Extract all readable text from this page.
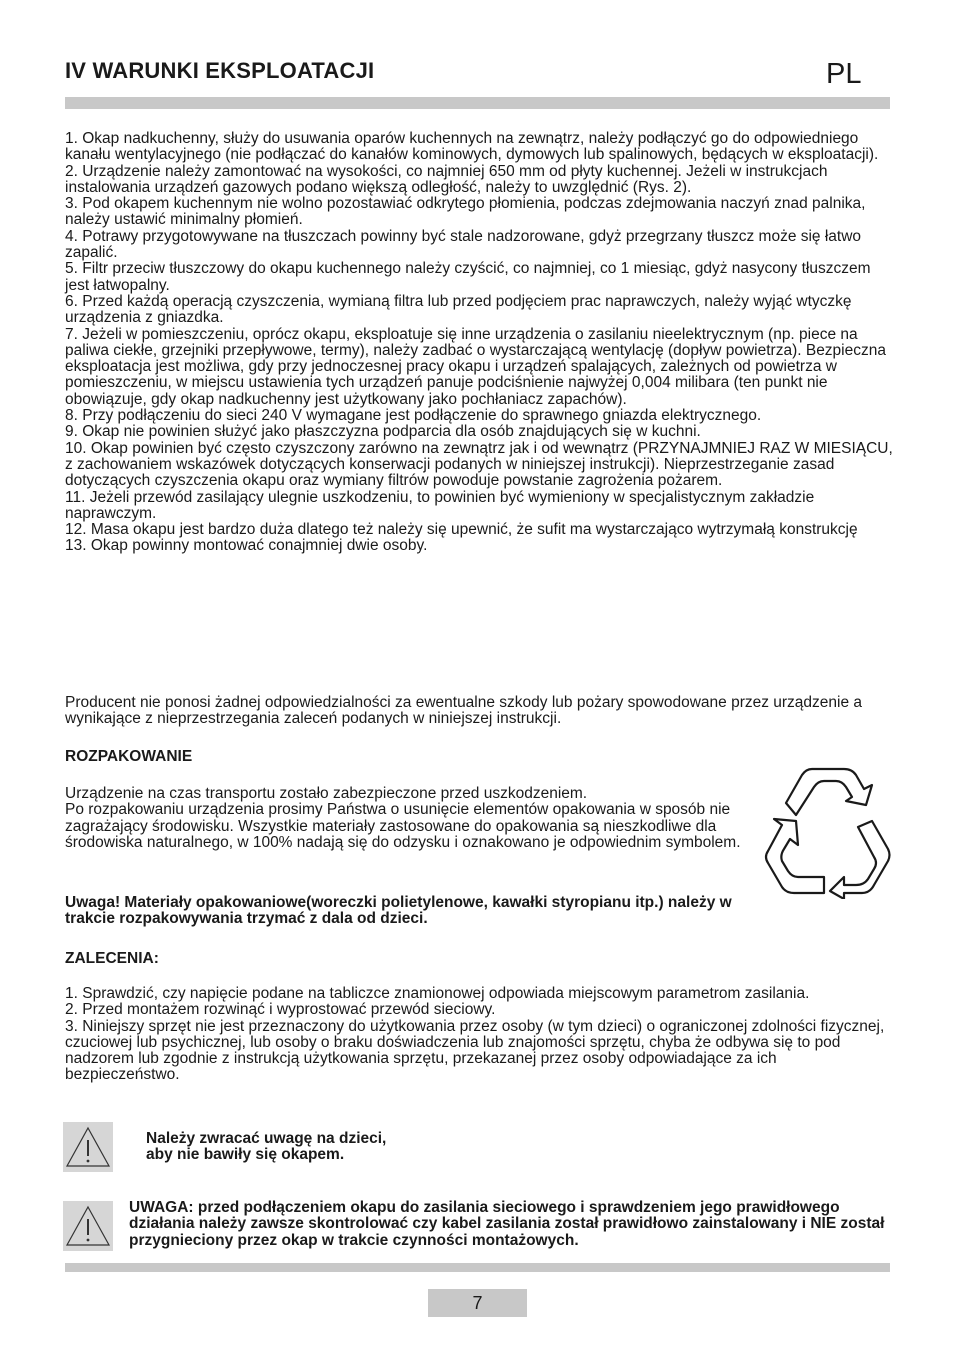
IV WARUNKI EKSPLOATACJI	PL

1. Okap nadkuchenny, służy do usuwania oparów kuchennych na zewnątrz, należy podłączyć go do odpowiedniego kanału wentylacyjnego (nie podłączać do kanałów kominowych, dymowych lub spalinowych, będących w eksploatacji).

2. Urządzenie należy zamontować na wysokości, co najmniej 650 mm od płyty kuchennej. Jeżeli w instrukcjach instalowania urządzeń gazowych podano większą odległość, należy to uwzględnić (Rys. 2).

3. Pod okapem kuchennym nie wolno pozostawiać odkrytego płomienia, podczas zdejmowania naczyń znad palnika, należy ustawić minimalny płomień.

4. Potrawy przygotowywane na tłuszczach powinny być stale nadzorowane, gdyż przegrzany tłuszcz może się łatwo zapalić.

5. Filtr przeciw tłuszczowy do okapu kuchennego należy czyścić, co najmniej, co 1 miesiąc, gdyż nasycony tłuszczem jest łatwopalny.

6. Przed każdą operacją czyszczenia, wymianą filtra lub przed podjęciem prac naprawczych, należy wyjąć wtyczkę urządzenia z gniazdka.

7. Jeżeli w pomieszczeniu, oprócz okapu, eksploatuje się inne urządzenia o zasilaniu nieelektrycznym (np. piece na paliwa ciekłe, grzejniki przepływowe, termy), należy zadbać o wystarczającą wentylację (dopływ powietrza). Bezpieczna eksploatacja jest możliwa, gdy przy jednoczesnej pracy okapu i urządzeń spalających, zależnych od powietrza w pomieszczeniu, w miejscu ustawienia tych urządzeń panuje podciśnienie najwyżej 0,004 milibara (ten punkt nie obowiązuje, gdy okap nadkuchenny jest użytkowany jako pochłaniacz zapachów).

8. Przy podłączeniu do sieci 240 V wymagane jest podłączenie do sprawnego gniazda elektrycznego.

9. Okap nie powinien służyć jako płaszczyzna podparcia dla osób znajdujących się w kuchni.

10. Okap powinien być często czyszczony zarówno na zewnątrz jak i od wewnątrz (PRZYNAJMNIEJ RAZ W MIESIĄCU, z zachowaniem wskazówek dotyczących konserwacji podanych w niniejszej instrukcji). Nieprzestrzeganie zasad dotyczących czyszczenia okapu oraz wymiany filtrów powoduje powstanie zagrożenia pożarem.

11. Jeżeli przewód zasilający ulegnie uszkodzeniu, to powinien być wymieniony w specjalistycznym zakładzie naprawczym.

12. Masa okapu jest bardzo duża dlatego też należy się upewnić, że sufit ma wystarczająco wytrzymałą konstrukcję

13. Okap powinny montować conajmniej dwie osoby.

Producent nie ponosi żadnej odpowiedzialności za ewentualne szkody lub pożary spowodowane przez urządzenie a wynikające z nieprzestrzegania zaleceń podanych w niniejszej instrukcji.

ROZPAKOWANIE

Urządzenie na czas transportu zostało zabezpieczone przed uszkodzeniem.

Po rozpakowaniu urządzenia prosimy Państwa o usunięcie elementów opakowania w sposób nie zagrażający środowisku. Wszystkie materiały zastosowane do opakowania są nieszkodliwe dla środowiska naturalnego, w 100% nadają się do odzysku i oznakowano je odpowiednim symbolem.

Uwaga! Materiały opakowaniowe(woreczki polietylenowe, kawałki styropianu itp.) należy w trakcie rozpakowywania trzymać z dala od dzieci.

ZALECENIA:

1. Sprawdzić, czy napięcie podane na tabliczce znamionowej odpowiada miejscowym parametrom zasilania.

2. Przed montażem rozwinąć i wyprostować przewód sieciowy.

3. Niniejszy sprzęt nie jest przeznaczony do użytkowania przez osoby (w tym dzieci) o ograniczonej zdolności fizycznej, czuciowej lub psychicznej, lub osoby o braku doświadczenia lub znajomości sprzętu, chyba że odbywa się to pod nadzorem lub zgodnie z instrukcją użytkowania sprzętu, przekazanej przez osoby odpowiadające za ich bezpieczeństwo.

Należy zwracać uwagę na dzieci,
aby nie bawiły się okapem.

UWAGA: przed podłączeniem okapu do zasilania sieciowego i sprawdzeniem jego prawidłowego działania należy zawsze skontrolować czy kabel zasilania został prawidłowo zainstalowany i NIE został przygnieciony przez okap w trakcie czynności montażowych.

7
